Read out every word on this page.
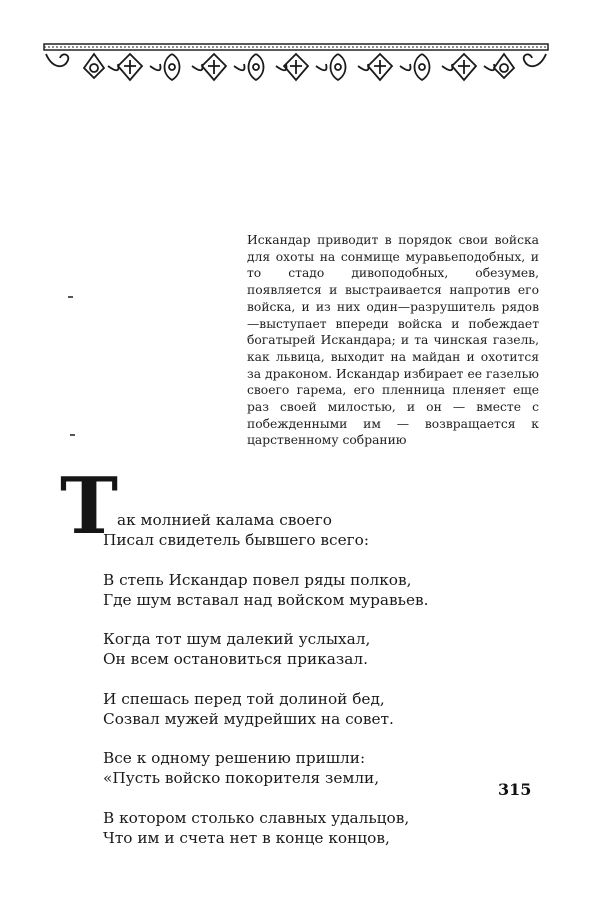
Искандар приводит в порядок свои войска для охоты на сонмище муравьеподобных, и то стадо дивоподобных, обезумев, появляется и выстраивается напротив его войска, и из них один—разрушитель рядов—выступает впереди войска и побеждает богатырей Искандара; и та чинская газель, как львица, выходит на майдан и охотится за драконом. Искандар избирает ее газелью своего гарема, его пленница пленяет еще раз своей милостью, и он — вместе с побежденными им — возвращается к царственному собранию

Т ак молнией калама своего
Писал свидетель бывшего всего:
В степь Искандар повел ряды полков,
Где шум вставал над войском муравьев.
Когда тот шум далекий услыхал,
Он всем остановиться приказал.
И спешась перед той долиной бед,
Созвал мужей мудрейших на совет.
Все к одному решению пришли:
«Пусть войско покорителя земли,
В котором столько славных удальцов,
Что им и счета нет в конце концов,
315
